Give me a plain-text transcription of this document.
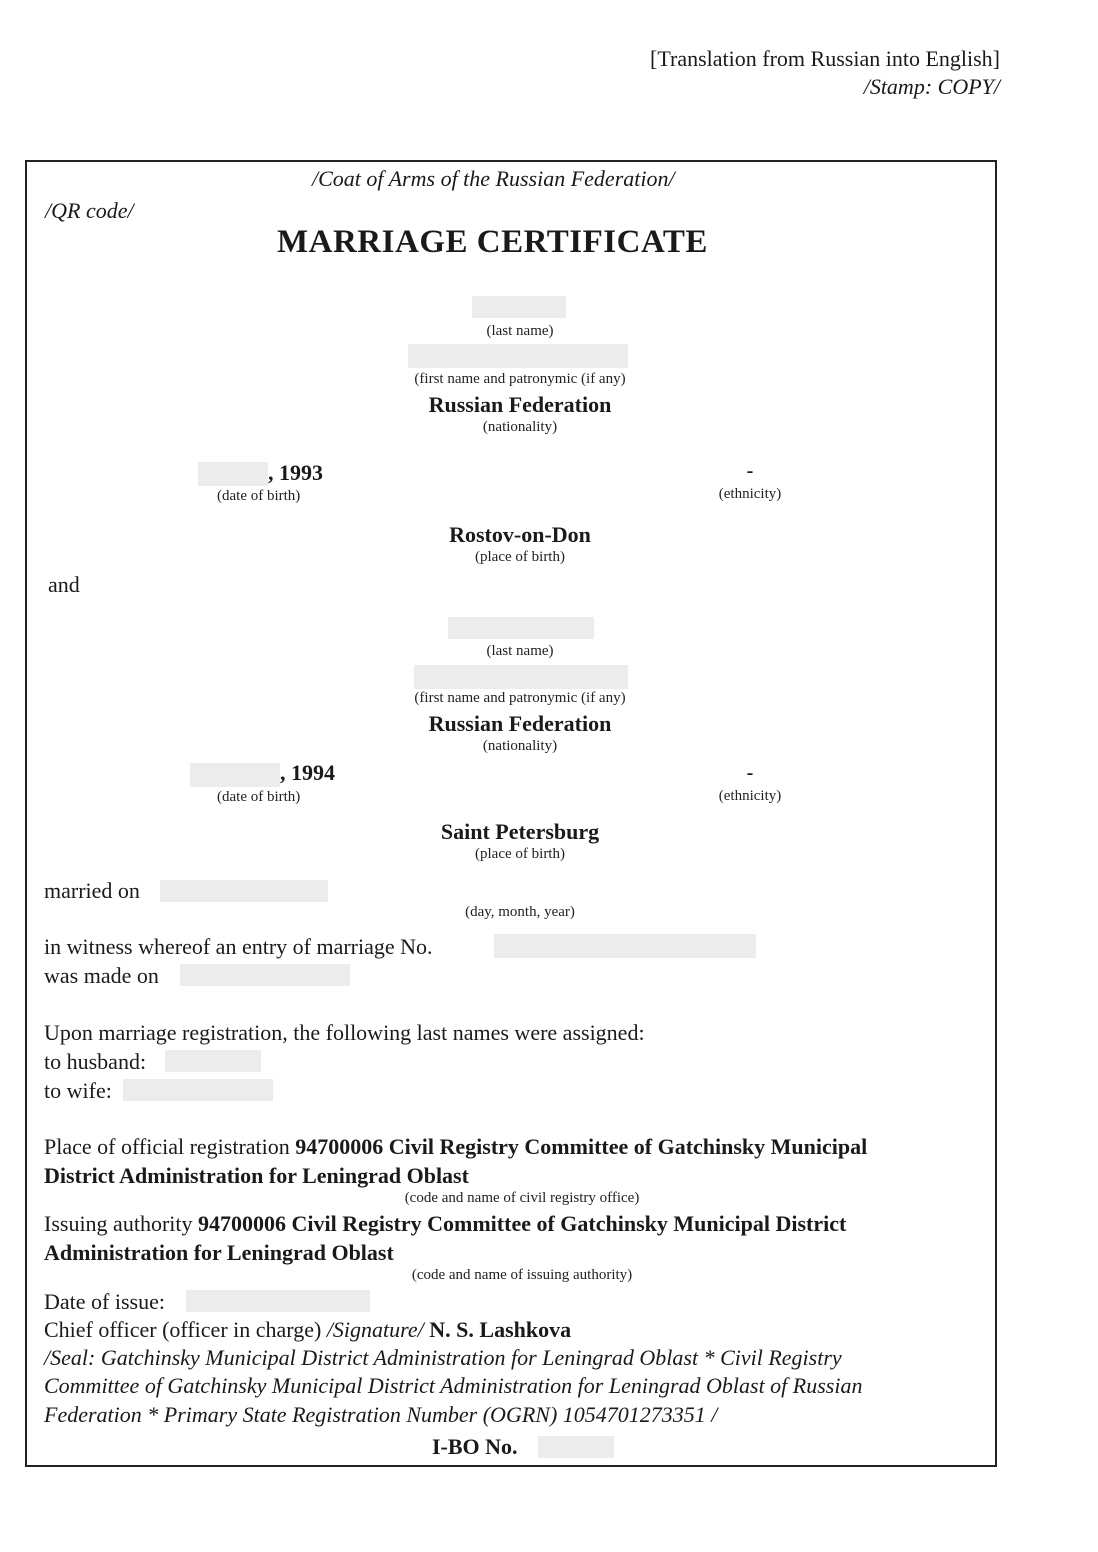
[Translation from Russian into English]
/Stamp: COPY/
/Coat of Arms of the Russian Federation/
/QR code/
MARRIAGE CERTIFICATE
(last name)
(first name and patronymic (if any)
Russian Federation
(nationality)
, 1993
(date of birth)
-
(ethnicity)
Rostov-on-Don
(place of birth)
and
(last name)
(first name and patronymic (if any)
Russian Federation
(nationality)
, 1994
(date of birth)
-
(ethnicity)
Saint Petersburg
(place of birth)
married on
(day, month, year)
in witness whereof an entry of marriage No.
was made on
Upon marriage registration, the following last names were assigned:
to husband:
to wife:
Place of official registration 94700006 Civil Registry Committee of Gatchinsky Municipal
District Administration for Leningrad Oblast
(code and name of civil registry office)
Issuing authority 94700006 Civil Registry Committee of Gatchinsky Municipal District
Administration for Leningrad Oblast
(code and name of issuing authority)
Date of issue:
Chief officer (officer in charge) /Signature/ N. S. Lashkova
/Seal: Gatchinsky Municipal District Administration for Leningrad Oblast * Civil Registry
Committee of Gatchinsky Municipal District Administration for Leningrad Oblast of Russian
Federation * Primary State Registration Number (OGRN) 1054701273351 /
I-BO No.
